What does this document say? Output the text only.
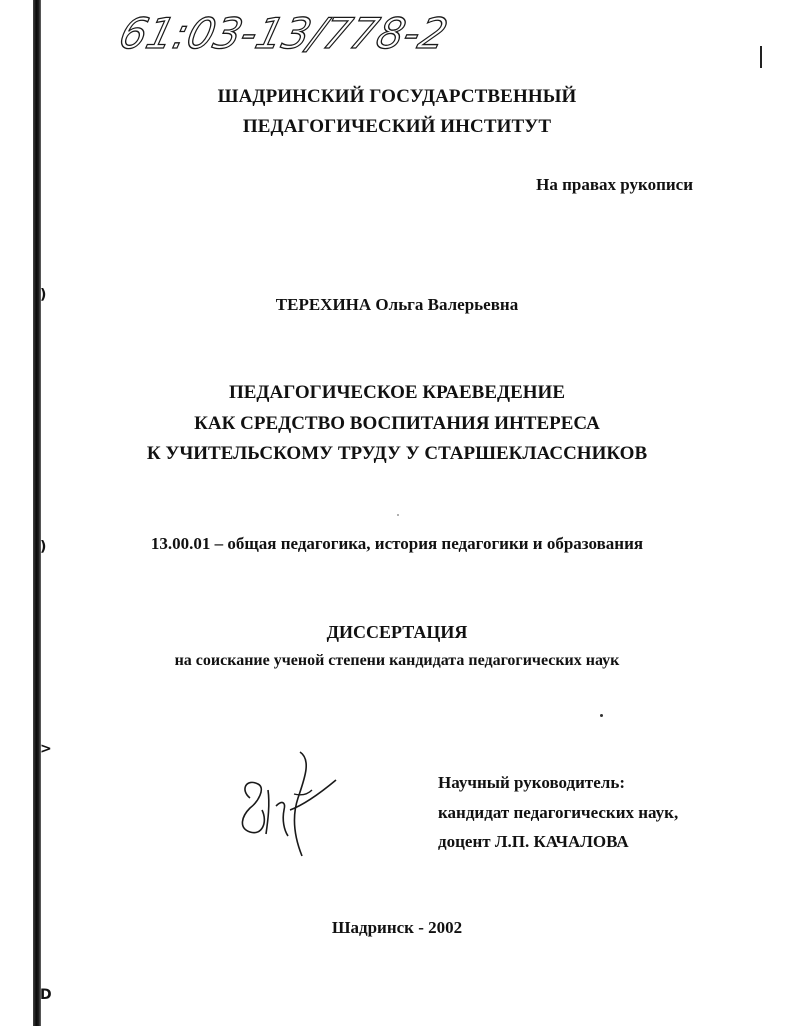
)
)
>
D
61:03-13/778-2
ШАДРИНСКИЙ ГОСУДАРСТВЕННЫЙ
ПЕДАГОГИЧЕСКИЙ ИНСТИТУТ
На правах рукописи
ТЕРЕХИНА Ольга Валерьевна
ПЕДАГОГИЧЕСКОЕ КРАЕВЕДЕНИЕ
КАК СРЕДСТВО ВОСПИТАНИЯ ИНТЕРЕСА
К УЧИТЕЛЬСКОМУ ТРУДУ У СТАРШЕКЛАССНИКОВ
13.00.01 – общая педагогика, история педагогики и образования
ДИССЕРТАЦИЯ
на соискание ученой степени кандидата педагогических наук
Научный руководитель:
кандидат педагогических наук,
доцент Л.П. КАЧАЛОВА
Шадринск - 2002
